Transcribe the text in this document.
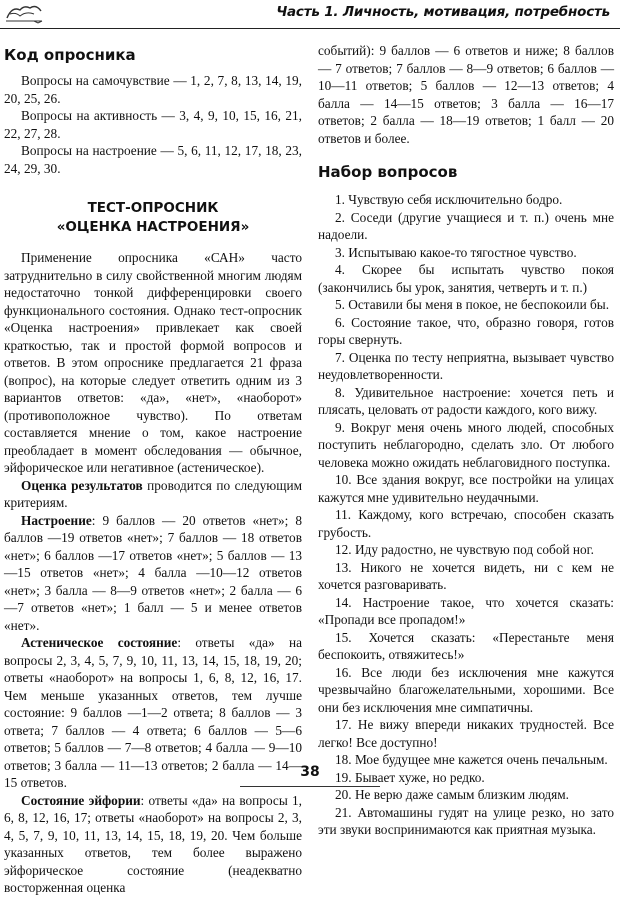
Часть 1. Личность, мотивация, потребность
Код опросника

Вопросы на самочувствие — 1, 2, 7, 8, 13, 14, 19, 20, 25, 26.

Вопросы на активность — 3, 4, 9, 10, 15, 16, 21, 22, 27, 28.

Вопросы на настроение — 5, 6, 11, 12, 17, 18, 23, 24, 29, 30.

ТЕСТ-ОПРОСНИК
«ОЦЕНКА НАСТРОЕНИЯ»

Применение опросника «САН» часто затруднительно в силу свойственной многим людям недостаточно тонкой дифференцировки своего функционального состояния. Однако тест-опросник «Оценка настроения» привлекает как своей краткостью, так и простой формой вопросов и ответов. В этом опроснике предлагается 21 фраза (вопрос), на которые следует ответить одним из 3 вариантов ответов: «да», «нет», «наоборот» (противоположное чувство). По ответам составляется мнение о том, какое настроение преобладает в момент обследования — обычное, эйфорическое или негативное (астеническое).

Оценка результатов проводится по следующим критериям.

Настроение: 9 баллов — 20 ответов «нет»; 8 баллов —19 ответов «нет»; 7 баллов — 18 ответов «нет»; 6 баллов —17 ответов «нет»; 5 баллов — 13—15 ответов «нет»; 4 балла —10—12 ответов «нет»; 3 балла — 8—9 ответов «нет»; 2 балла — 6—7 ответов «нет»; 1 балл — 5 и менее ответов «нет».

Астеническое состояние: ответы «да» на вопросы 2, 3, 4, 5, 7, 9, 10, 11, 13, 14, 15, 18, 19, 20; ответы «наоборот» на вопросы 1, 6, 8, 12, 16, 17. Чем меньше указанных ответов, тем лучше состояние: 9 баллов —1—2 ответа; 8 баллов — 3 ответа; 7 баллов — 4 ответа; 6 баллов — 5—6 ответов; 5 баллов — 7—8 ответов; 4 балла — 9—10 ответов; 3 балла — 11—13 ответов; 2 балла — 14—15 ответов.

Состояние эйфории: ответы «да» на вопросы 1, 6, 8, 12, 16, 17; ответы «наоборот» на вопросы 2, 3, 4, 5, 7, 9, 10, 11, 13, 14, 15, 18, 19, 20. Чем больше указанных ответов, тем более выражено эйфорическое состояние (неадекватно восторженная оценка

событий): 9 баллов — 6 ответов и ниже; 8 баллов — 7 ответов; 7 баллов — 8—9 ответов; 6 баллов — 10—11 ответов; 5 баллов — 12—13 ответов; 4 балла — 14—15 ответов; 3 балла — 16—17 ответов; 2 балла — 18—19 ответов; 1 балл — 20 ответов и более.

Набор вопросов

1. Чувствую себя исключительно бодро.

2. Соседи (другие учащиеся и т. п.) очень мне надоели.

3. Испытываю какое-то тягостное чувство.

4. Скорее бы испытать чувство покоя (закончились бы урок, занятия, четверть и т. п.)

5. Оставили бы меня в покое, не беспокоили бы.

6. Состояние такое, что, образно говоря, готов горы свернуть.

7. Оценка по тесту неприятна, вызывает чувство неудовлетворенности.

8. Удивительное настроение: хочется петь и плясать, целовать от радости каждого, кого вижу.

9. Вокруг меня очень много людей, способных поступить неблагородно, сделать зло. От любого человека можно ожидать неблаговидного поступка.

10. Все здания вокруг, все постройки на улицах кажутся мне удивительно неудачными.

11. Каждому, кого встречаю, способен сказать грубость.

12. Иду радостно, не чувствую под собой ног.

13. Никого не хочется видеть, ни с кем не хочется разговаривать.

14. Настроение такое, что хочется сказать: «Пропади все пропадом!»

15. Хочется сказать: «Перестаньте меня беспокоить, отвяжитесь!»

16. Все люди без исключения мне кажутся чрезвычайно благожелательными, хорошими. Все они без исключения мне симпатичны.

17. Не вижу впереди никаких трудностей. Все легко! Все доступно!

18. Мое будущее мне кажется очень печальным.

19. Бывает хуже, но редко.

20. Не верю даже самым близким людям.

21. Автомашины гудят на улице резко, но зато эти звуки воспринимаются как приятная музыка.

38
